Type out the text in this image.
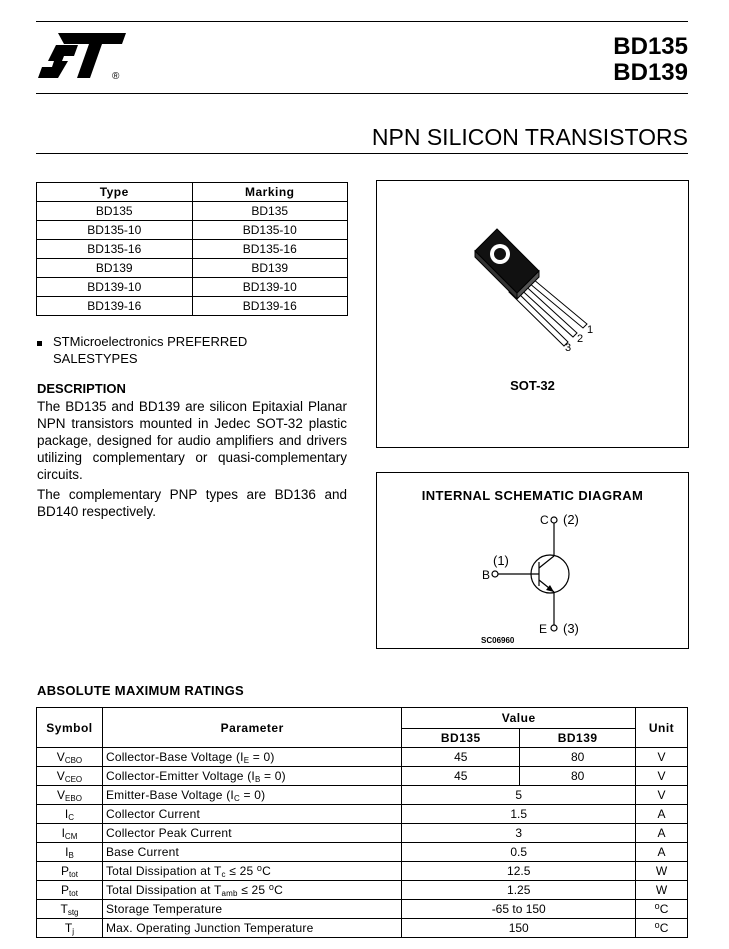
®
BD135
BD139
NPN SILICON TRANSISTORS
Type	Marking
BD135	BD135
BD135-10	BD135-10
BD135-16	BD135-16
BD139	BD139
BD139-10	BD139-10
BD139-16	BD139-16
STMicroelectronics PREFERRED
SALESTYPES
DESCRIPTION
The BD135 and BD139 are silicon Epitaxial Planar NPN transistors mounted in Jedec SOT-32 plastic package, designed for audio amplifiers and drivers utilizing complementary or quasi-complementary circuits.
The complementary PNP types are BD136 and BD140 respectively.
1
2
3
SOT-32
INTERNAL SCHEMATIC DIAGRAM
C (2)
(1)
B
E (3)
SC06960
ABSOLUTE MAXIMUM RATINGS
Symbol	Parameter	Value		Unit
		BD135	BD139	
$V_{CBO}$	Collector-Base Voltage $(I_E = 0)$	45	80	V
$V_{CEO}$	Collector-Emitter Voltage $(I_B = 0)$	45	80	V
$V_{EBO}$	Emitter-Base Voltage $(I_C = 0)$	5		V
$I_C$	Collector Current	1.5		A
$I_{CM}$	Collector Peak Current	3		A
$I_B$	Base Current	0.5		A
$P_{tot}$	Total Dissipation at $T_c \le 25$ $^o$C	12.5		W
$P_{tot}$	Total Dissipation at $T_{amb} \le 25$ $^o$C	1.25		W
$T_{stg}$	Storage Temperature	-65 to 150		$^o$C
$T_j$	Max. Operating Junction Temperature	150		$^o$C
